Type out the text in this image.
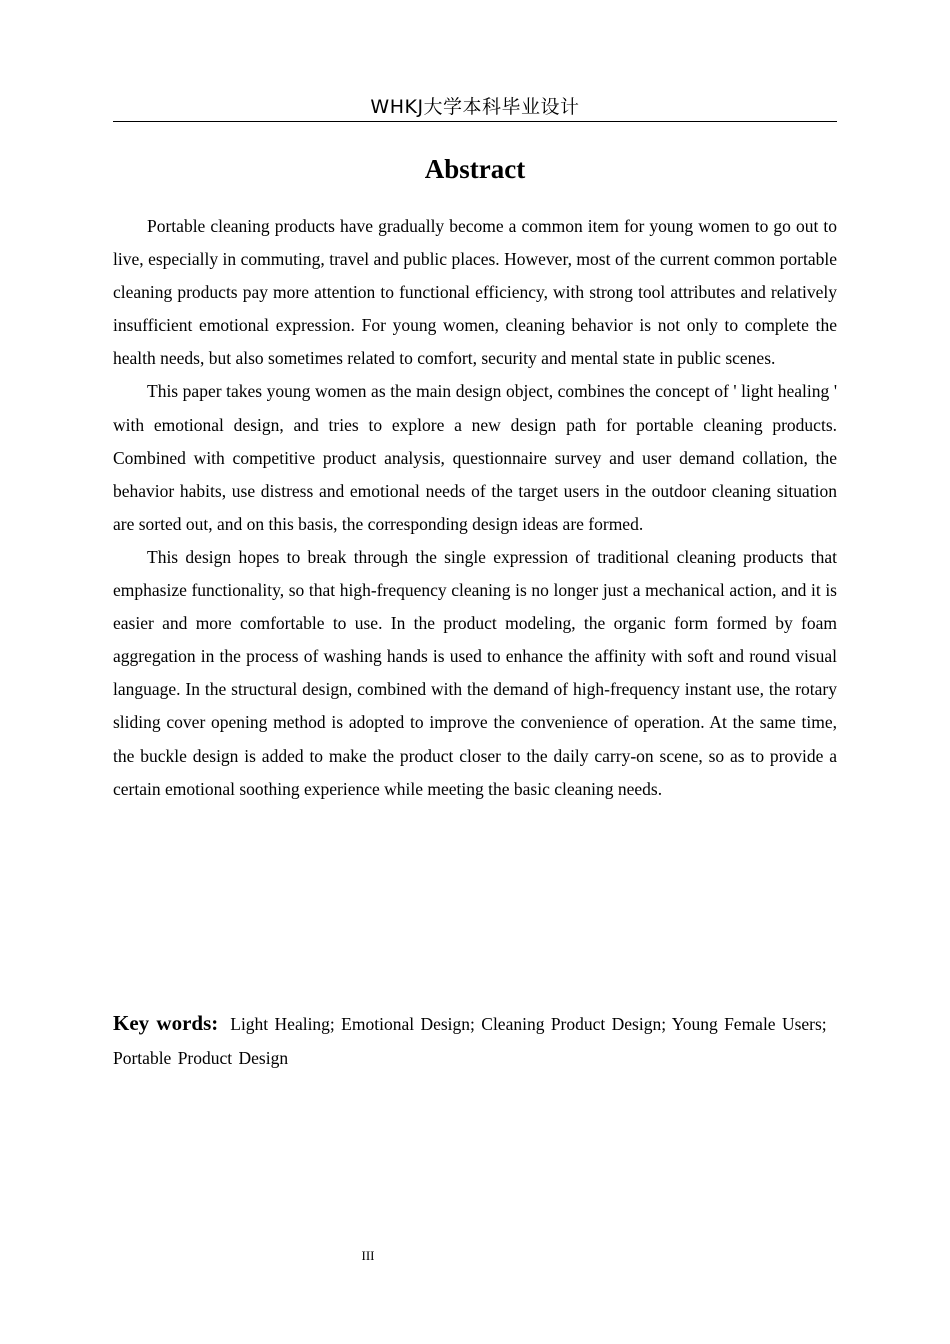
WHKJ大学本科毕业设计
Abstract

Portable cleaning products have gradually become a common item for young women to go out to live, especially in commuting, travel and public places. However, most of the current common portable cleaning products pay more attention to functional efficiency, with strong tool attributes and relatively insufficient emotional expression. For young women, cleaning behavior is not only to complete the health needs, but also sometimes related to comfort, security and mental state in public scenes.

This paper takes young women as the main design object, combines the concept of ' light healing ' with emotional design, and tries to explore a new design path for portable cleaning products. Combined with competitive product analysis, questionnaire survey and user demand collation, the behavior habits, use distress and emotional needs of the target users in the outdoor cleaning situation are sorted out, and on this basis, the corresponding design ideas are formed.

This design hopes to break through the single expression of traditional cleaning products that emphasize functionality, so that high-frequency cleaning is no longer just a mechanical action, and it is easier and more comfortable to use. In the product modeling, the organic form formed by foam aggregation in the process of washing hands is used to enhance the affinity with soft and round visual language. In the structural design, combined with the demand of high-frequency instant use, the rotary sliding cover opening method is adopted to improve the convenience of operation. At the same time, the buckle design is added to make the product closer to the daily carry-on scene, so as to provide a certain emotional soothing experience while meeting the basic cleaning needs.

Key words: Light Healing; Emotional Design; Cleaning Product Design; Young Female Users; Portable Product Design

III
